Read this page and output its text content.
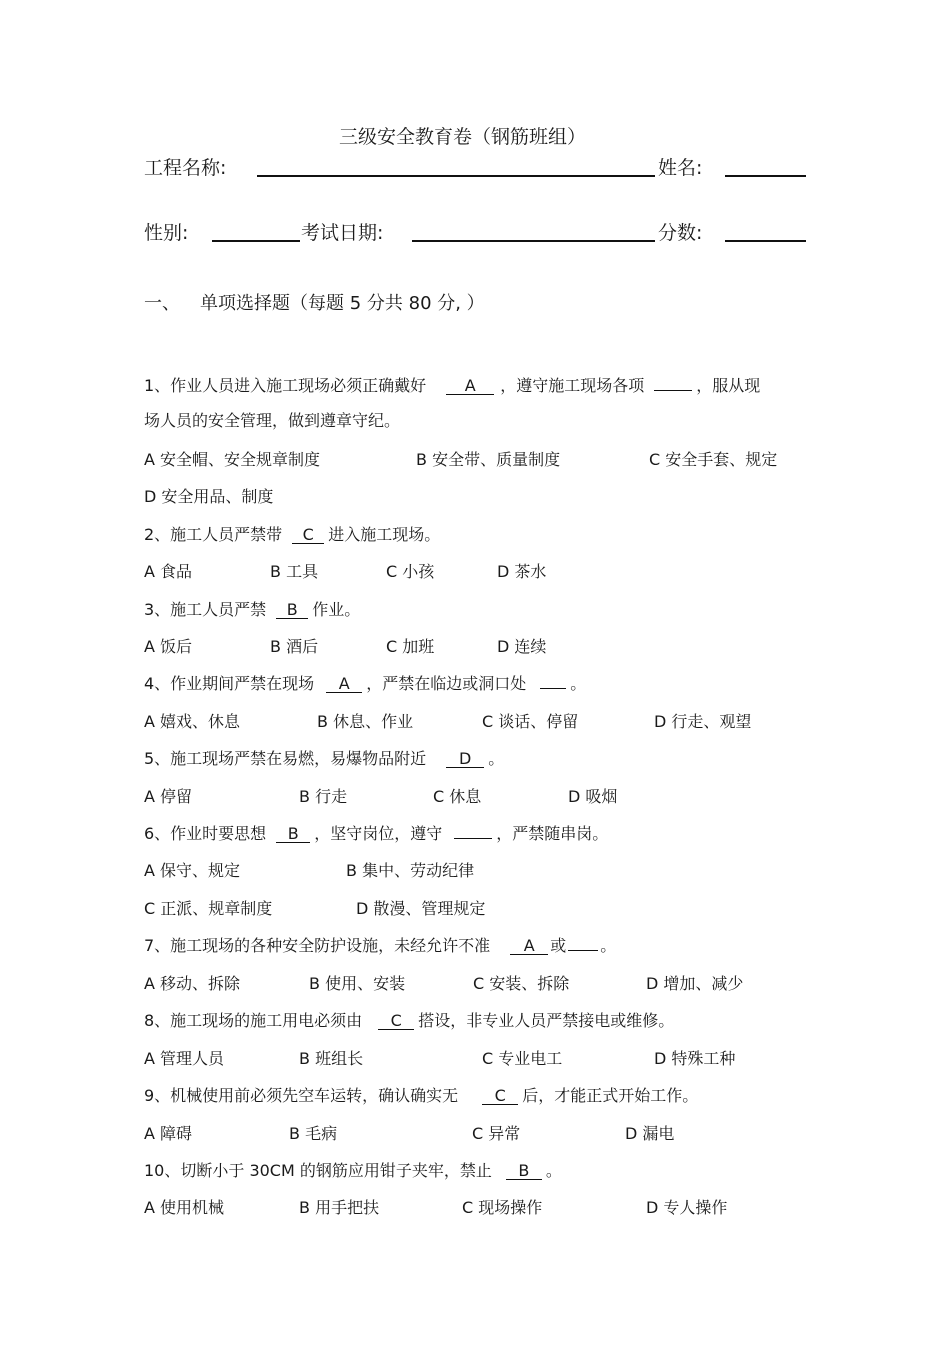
三级安全教育卷（钢筋班组）
工程名称:	姓名:
性别:	考试日期:	分数:
一、 单项选择题（每题 5 分共 80 分, ）
1、作业人员进入施工现场必须正确戴好 A ，遵守施工现场各项	，服从现
场人员的安全管理，做到遵章守纪。
A 安全帽、安全规章制度	B 安全带、质量制度	C 安全手套、规定
D 安全用品、制度
2、施工人员严禁带 C 进入施工现场。
A 食品	B 工具	C 小孩	D 茶水
3、施工人员严禁 B 作业。
A 饭后	B 酒后	C 加班	D 连续
4、作业期间严禁在现场 A ，严禁在临边或洞口处	。
A 嬉戏、休息	B 休息、作业	C 谈话、停留	D 行走、观望
5、施工现场严禁在易燃，易爆物品附近 D 。
A 停留	B 行走	C 休息	D 吸烟
6、作业时要思想 B ，坚守岗位，遵守	，严禁随串岗。
A 保守、规定	B 集中、劳动纪律
C 正派、规章制度	D 散漫、管理规定
7、施工现场的各种安全防护设施，未经允许不准 A 或 。
A 移动、拆除	B 使用、安装	C 安装、拆除	D 增加、减少
8、施工现场的施工用电必须由 C 搭设，非专业人员严禁接电或维修。
A 管理人员	B 班组长	C 专业电工	D 特殊工种
9、机械使用前必须先空车运转，确认确实无 C 后，才能正式开始工作。
A 障碍	B 毛病	C 异常	D 漏电
10、切断小于 30CM 的钢筋应用钳子夹牢，禁止 B 。
A 使用机械	B 用手把扶	C 现场操作	D 专人操作
